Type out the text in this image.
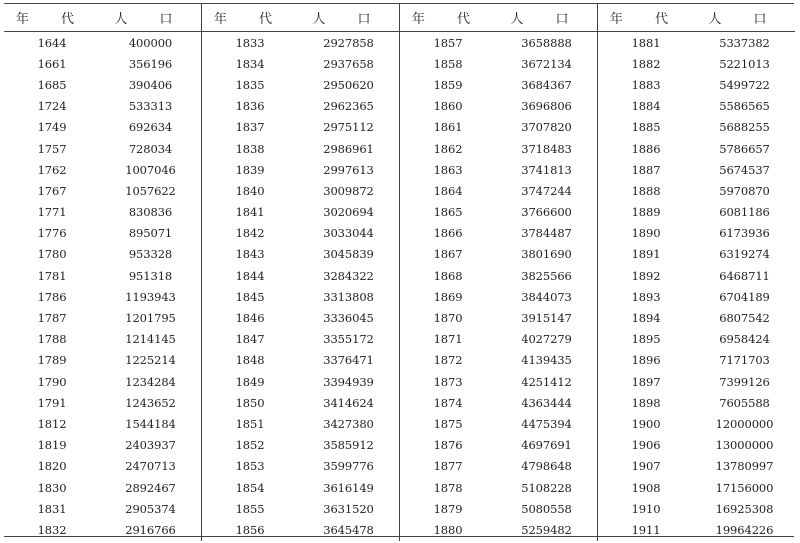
年 代	人 口	年 代	人 口	年 代	人 口	年 代	人 口
1644	400000	1833	2927858	1857	3658888	1881	5337382
1661	356196	1834	2937658	1858	3672134	1882	5221013
1685	390406	1835	2950620	1859	3684367	1883	5499722
1724	533313	1836	2962365	1860	3696806	1884	5586565
1749	692634	1837	2975112	1861	3707820	1885	5688255
1757	728034	1838	2986961	1862	3718483	1886	5786657
1762	1007046	1839	2997613	1863	3741813	1887	5674537
1767	1057622	1840	3009872	1864	3747244	1888	5970870
1771	830836	1841	3020694	1865	3766600	1889	6081186
1776	895071	1842	3033044	1866	3784487	1890	6173936
1780	953328	1843	3045839	1867	3801690	1891	6319274
1781	951318	1844	3284322	1868	3825566	1892	6468711
1786	1193943	1845	3313808	1869	3844073	1893	6704189
1787	1201795	1846	3336045	1870	3915147	1894	6807542
1788	1214145	1847	3355172	1871	4027279	1895	6958424
1789	1225214	1848	3376471	1872	4139435	1896	7171703
1790	1234284	1849	3394939	1873	4251412	1897	7399126
1791	1243652	1850	3414624	1874	4363444	1898	7605588
1812	1544184	1851	3427380	1875	4475394	1900	12000000
1819	2403937	1852	3585912	1876	4697691	1906	13000000
1820	2470713	1853	3599776	1877	4798648	1907	13780997
1830	2892467	1854	3616149	1878	5108228	1908	17156000
1831	2905374	1855	3631520	1879	5080558	1910	16925308
1832	2916766	1856	3645478	1880	5259482	1911	19964226
